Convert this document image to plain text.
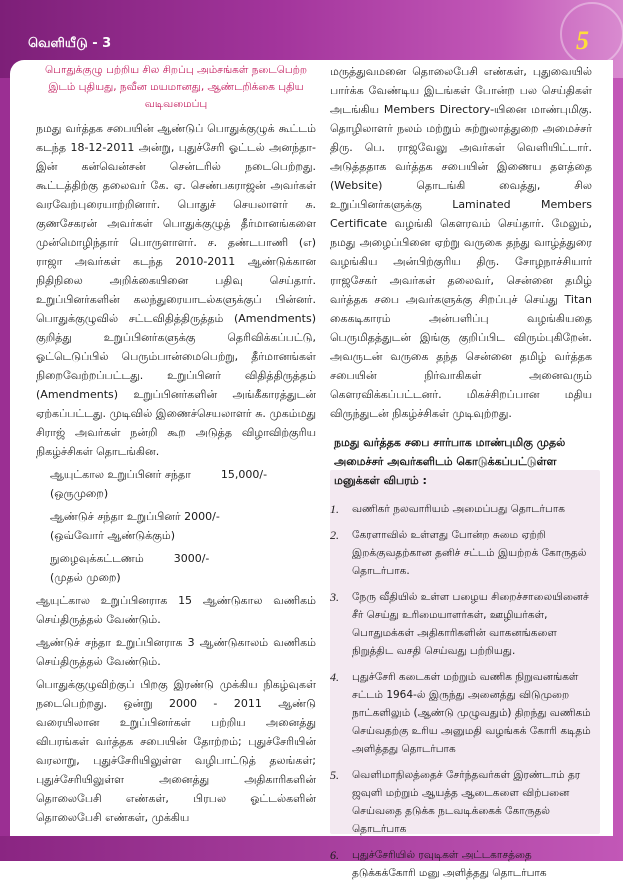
வெளியீடு - 3	5

பொதுக்குழு பற்றிய சில சிறப்பு அம்சங்கள் நடைபெற்ற இடம் புதியது, நவீன மயமானது, ஆண்டறிக்கை புதிய வடிவமைப்பு

நமது வர்த்தக சபையின் ஆண்டுப் பொதுக்குழுக் கூட்டம் கடந்த 18-12-2011 அன்று, புதுச்சேரி ஓட்டல் அனந்தா-இன் கன்வென்சன் சென்டரில் நடைபெற்றது. கூட்டத்திற்கு தலைவர் கே. ஏ. செண்பகராஜன் அவர்கள் வரவேற்புரையாற்றினார். பொதுச் செயலாளர் சு. குணசேகரன் அவர்கள் பொதுக்குழுத் தீர்மானங்களை முன்மொழிந்தார் பொருளாளர். ச. தண்டபாணி (எ) ராஜா அவர்கள் கடந்த 2010-2011 ஆண்டுக்கான நிதிநிலை அறிக்கையினை பதிவு செய்தார். உறுப்பினர்களின் கலந்துரையாடல்களுக்குப் பின்னர். பொதுக்குழுவில் சட்டவிதித்திருத்தம் (Amendments) குறித்து உறுப்பினர்களுக்கு தெரிவிக்கப்பட்டு, ஓட்டெடுப்பில் பெரும்பான்மைபெற்று, தீர்மானங்கள் நிறைவேற்றப்பட்டது. உறுப்பினர் விதித்திருத்தம் (Amendments) உறுப்பினர்களின் அங்கீகாரத்துடன் ஏற்கப்பட்டது. முடிவில் இணைச்செயலாளர் சு. முகம்மது சிராஜ் அவர்கள் நன்றி கூற அடுத்த விழாவிற்குரிய நிகழ்ச்சிகள் தொடங்கின.

ஆயுட்கால உறுப்பினர் சந்தா	15,000/-
(ஒருமுறை)
ஆண்டுச் சந்தா உறுப்பினர் 2000/-
(ஒவ்வோர் ஆண்டுக்கும்)
நுழைவுக்கட்டணம்	3000/-
(முதல் முறை)

ஆயுட்கால உறுப்பினராக 15 ஆண்டுகால வணிகம் செய்திருத்தல் வேண்டும்.

ஆண்டுச் சந்தா உறுப்பினராக 3 ஆண்டுகாலம் வணிகம் செய்திருத்தல் வேண்டும்.

பொதுக்குழுவிற்குப் பிறகு இரண்டு முக்கிய நிகழ்வுகள் நடைபெற்றது. ஒன்று 2000 - 2011 ஆண்டு வரையிலான உறுப்பினர்கள் பற்றிய அனைத்து விபரங்கள் வர்த்தக சபையின் தோற்றம்; புதுச்சேரியின் வரலாறு, புதுச்சேரியிலுள்ள வழிபாட்டுத் தலங்கள்; புதுச்சேரியிலுள்ள அனைத்து அதிகாரிகளின் தொலைபேசி எண்கள், பிரபல ஓட்டல்களின் தொலைபேசி எண்கள், முக்கிய

மருத்துவமனை தொலைபேசி எண்கள், புதுவையில் பார்க்க வேண்டிய இடங்கள் போன்ற பல செய்திகள் அடங்கிய Members Directory-யினை மாண்புமிகு. தொழிலாளர் நலம் மற்றும் சுற்றுலாத்துறை அமைச்சர் திரு. பெ. ராஜவேலு அவர்கள் வெளியிட்டார். அடுத்ததாக வர்த்தக சபையின் இணைய தளத்தை (Website) தொடங்கி வைத்து, சில உறுப்பினர்களுக்கு Laminated Members Certificate வழங்கி கௌரவம் செய்தார். மேலும், நமது அழைப்பினை ஏற்று வருகை தந்து வாழ்த்துரை வழங்கிய அன்பிற்குரிய திரு. சோழநாச்சியார் ராஜசேகர் அவர்கள் தலைவர், சென்னை தமிழ் வர்த்தக சபை அவர்களுக்கு சிறப்புச் செய்து Titan கைகடிகாரம் அன்பளிப்பு வழங்கியதை பெருமிதத்துடன் இங்கு குறிப்பிட விரும்புகிறேன். அவருடன் வருகை தந்த சென்னை தமிழ் வர்த்தக சபையின் நிர்வாகிகள் அனைவரும் கௌரவிக்கப்பட்டனர். மிகச்சிறப்பான மதிய விருந்துடன் நிகழ்ச்சிகள் முடிவுற்றது.

நமது வர்த்தக சபை சார்பாக மாண்புமிகு முதல் அமைச்சர் அவர்களிடம் கொடுக்கப்பட்டுள்ள மனுக்கள் விபரம் :

1.	வணிகர் நலவாரியம் அமைப்பது தொடர்பாக
2.	கேரளாவில் உள்ளது போன்ற சுமை ஏற்றி இறக்குவதற்கான தனிச் சட்டம் இயற்றக் கோருதல் தொடர்பாக.
3.	நேரு வீதியில் உள்ள பழைய சிறைச்சாலையினைச் சீர் செய்து உரிமையாளர்கள், ஊழியர்கள், பொதுமக்கள் அதிகாரிகளின் வாகனங்களை நிறுத்திட வசதி செய்வது பற்றியது.
4.	புதுச்சேரி கடைகள் மற்றும் வணிக நிறுவனங்கள் சட்டம் 1964-ல் இருந்து அனைத்து விடுமுறை நாட்களிலும் (ஆண்டு முழுவதும்) திறந்து வணிகம் செய்வதற்கு உரிய அனுமதி வழங்கக் கோரி கடிதம் அளித்தது தொடர்பாக
5.	வெளிமாநிலத்தைச் சேர்ந்தவர்கள் இரண்டாம் தர ஜவுளி மற்றும் ஆயத்த ஆடைகளை விற்பனை செய்வதை தடுக்க நடவடிக்கைக் கோருதல் தொடர்பாக
6.	புதுச்சேரியில் ரவுடிகள் அட்டகாசத்தை தடுக்கக்கோரி மனு அளித்தது தொடர்பாக
